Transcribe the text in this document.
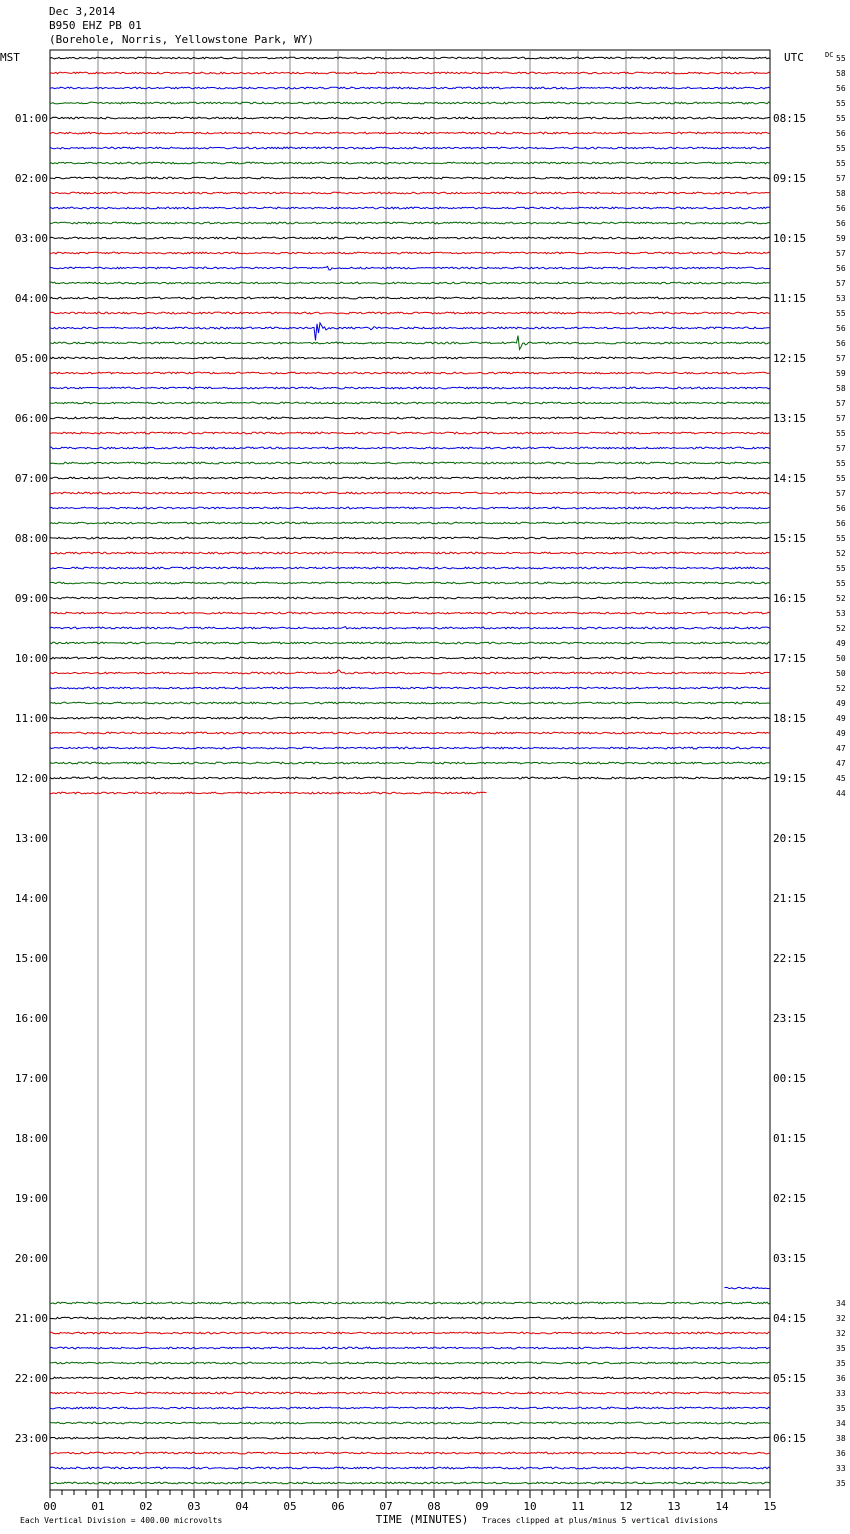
Dec 3,2014
B950 EHZ PB 01
(Borehole, Norris, Yellowstone Park, WY)
55
58
56
55
55
56
55
55
57
58
56
56
59
57
56
57
53
55
56
56
57
59
58
57
57
55
57
55
55
57
56
56
55
52
55
55
52
53
52
49
50
50
52
49
49
49
47
47
45
44
34
32
32
35
35
36
33
35
34
38
36
33
35
MST	UTC	DC
01:00
02:00
03:00
04:00
05:00
06:00
07:00
08:00
09:00
10:00
11:00
12:00
13:00
14:00
15:00
16:00
17:00
18:00
19:00
20:00
21:00
22:00
23:00
08:15
09:15
10:15
11:15
12:15
13:15
14:15
15:15
16:15
17:15
18:15
19:15
20:15
21:15
22:15
23:15
00:15
01:15
02:15
03:15
04:15
05:15
06:15
00	01	02	03	04	05	06	07	08	09	10	11	12	13	14	15
TIME (MINUTES)
Each Vertical Division = 400.00 microvolts	Traces clipped at plus/minus 5 vertical divisions
